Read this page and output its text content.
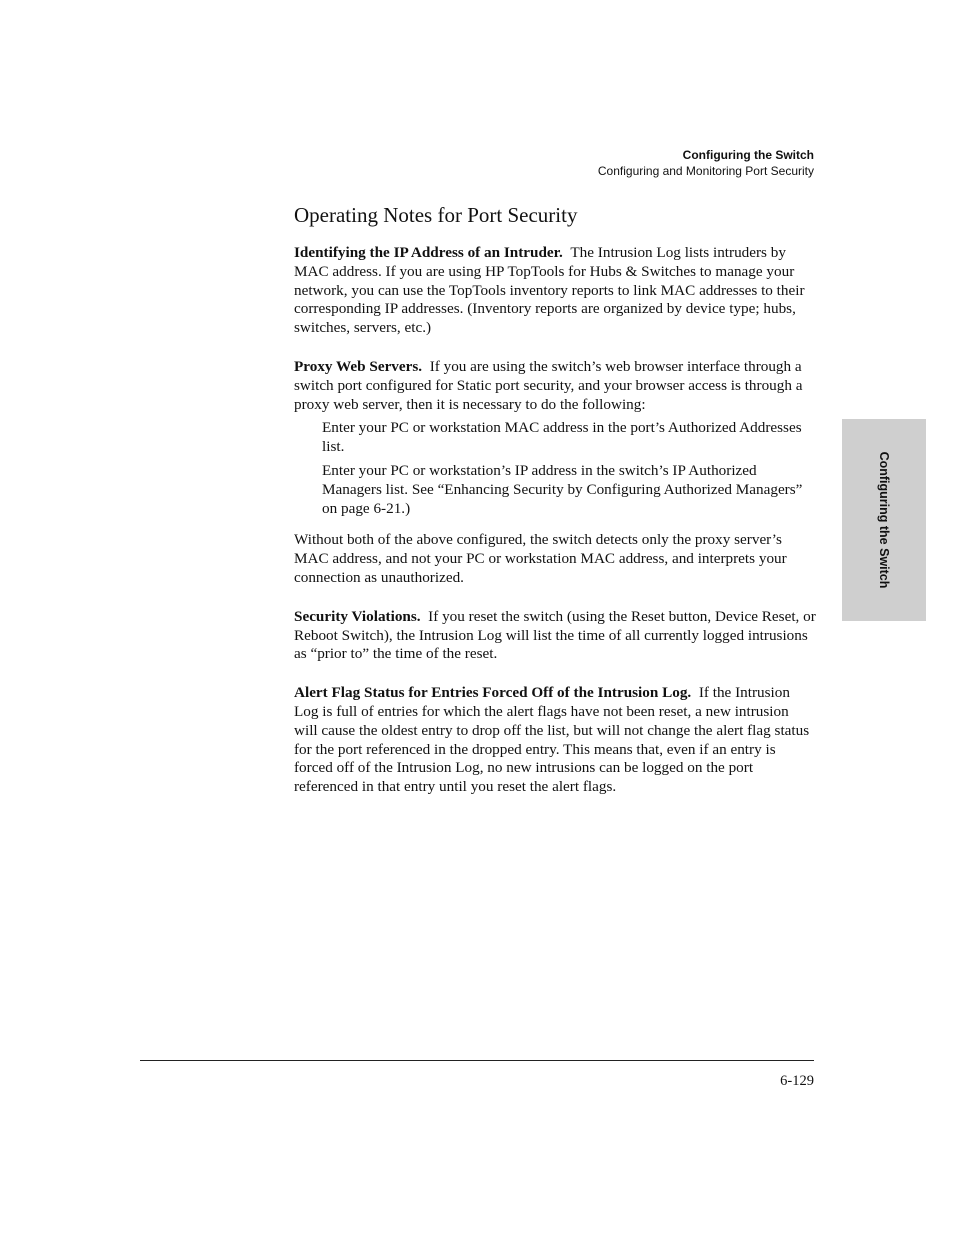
Configuring the Switch
Configuring and Monitoring Port Security
Configuring the Switch
Operating Notes for Port Security

Identifying the IP Address of an Intruder. The Intrusion Log lists intruders by MAC address. If you are using HP TopTools for Hubs & Switches to manage your network, you can use the TopTools inventory reports to link MAC addresses to their corresponding IP addresses. (Inventory reports are organized by device type; hubs, switches, servers, etc.)

Proxy Web Servers. If you are using the switch’s web browser interface through a switch port configured for Static port security, and your browser access is through a proxy web server, then it is necessary to do the following:

Enter your PC or workstation MAC address in the port’s Authorized Addresses list.

Enter your PC or workstation’s IP address in the switch’s IP Authorized Managers list. See “Enhancing Security by Configuring Authorized Managers” on page 6-21.)

Without both of the above configured, the switch detects only the proxy server’s MAC address, and not your PC or workstation MAC address, and interprets your connection as unauthorized.

Security Violations. If you reset the switch (using the Reset button, Device Reset, or Reboot Switch), the Intrusion Log will list the time of all currently logged intrusions as “prior to” the time of the reset.

Alert Flag Status for Entries Forced Off of the Intrusion Log. If the Intrusion Log is full of entries for which the alert flags have not been reset, a new intrusion will cause the oldest entry to drop off the list, but will not change the alert flag status for the port referenced in the dropped entry. This means that, even if an entry is forced off of the Intrusion Log, no new intrusions can be logged on the port referenced in that entry until you reset the alert flags.

6-129
